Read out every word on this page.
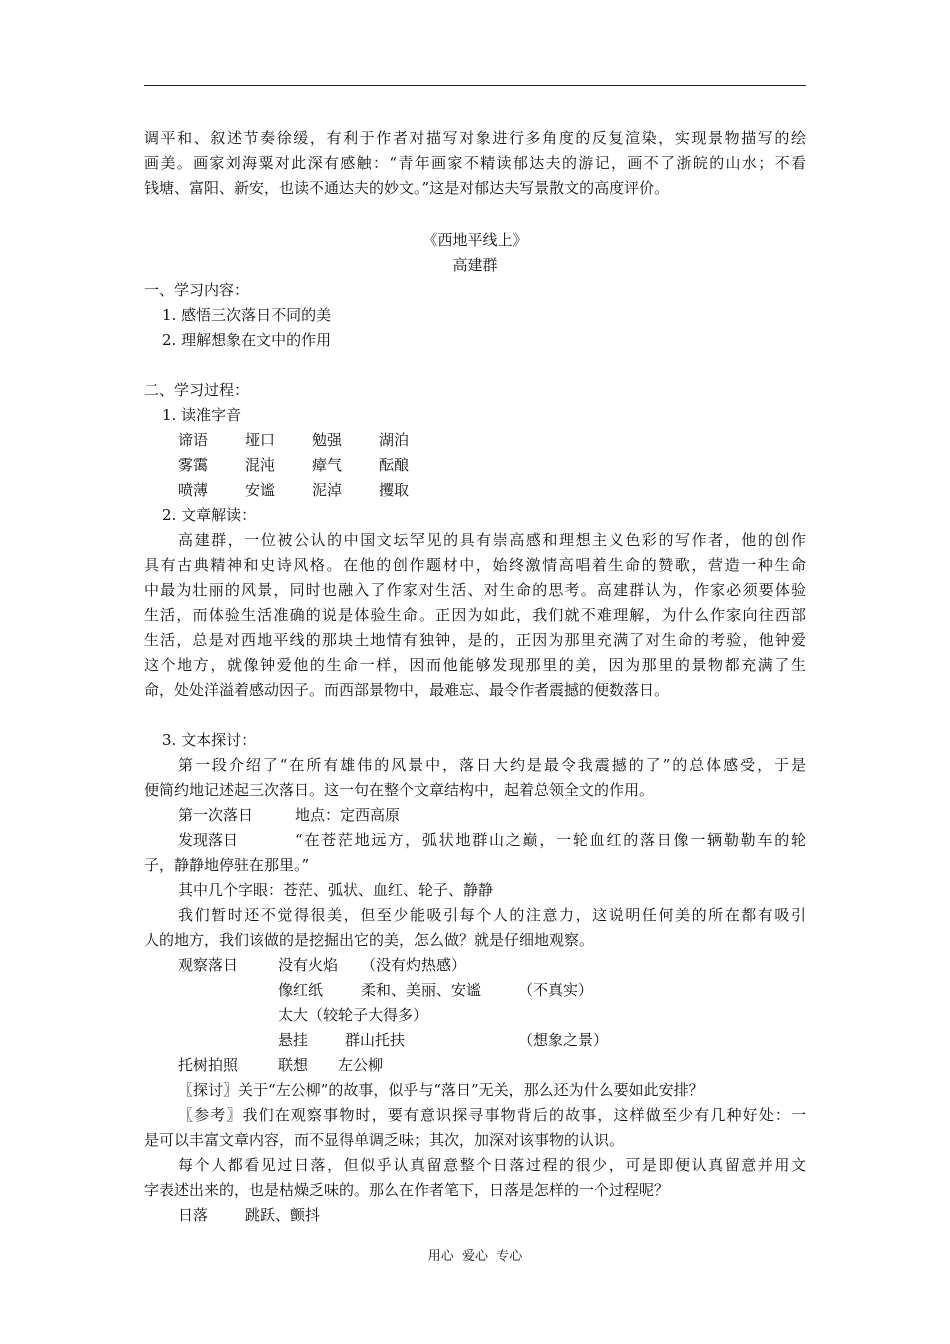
调平和、叙述节奏徐缓，有利于作者对描写对象进行多角度的反复渲染，实现景物描写的绘
画美。画家刘海粟对此深有感触：“青年画家不精读郁达夫的游记，画不了浙皖的山水；不看
钱塘、富阳、新安，也读不通达夫的妙文。”这是对郁达夫写景散文的高度评价。
《西地平线上》
高建群
一、学习内容：
1. 感悟三次落日不同的美
2. 理解想象在文中的作用
二、学习过程：
1. 读准字音
谛语 垭口 勉强 湖泊
雾霭 混沌 瘴气 酝酿
喷薄 安谧 泥淖 攫取
2. 文章解读：
高建群，一位被公认的中国文坛罕见的具有崇高感和理想主义色彩的写作者，他的创作
具有古典精神和史诗风格。在他的创作题材中，始终激情高唱着生命的赞歌，营造一种生命
中最为壮丽的风景，同时也融入了作家对生活、对生命的思考。高建群认为，作家必须要体验
生活，而体验生活准确的说是体验生命。正因为如此，我们就不难理解，为什么作家向往西部
生活，总是对西地平线的那块土地情有独钟，是的，正因为那里充满了对生命的考验，他钟爱
这个地方，就像钟爱他的生命一样，因而他能够发现那里的美，因为那里的景物都充满了生
命，处处洋溢着感动因子。而西部景物中，最难忘、最令作者震撼的便数落日。
3. 文本探讨：
第一段介绍了“在所有雄伟的风景中，落日大约是最令我震撼的了”的总体感受，于是
便简约地记述起三次落日。这一句在整个文章结构中，起着总领全文的作用。
第一次落日	地点：定西高原
发现落日	“在苍茫地远方，弧状地群山之巅，一轮血红的落日像一辆勒勒车的轮
子，静静地停驻在那里。”
其中几个字眼：苍茫、弧状、血红、轮子、静静
我们暂时还不觉得很美，但至少能吸引每个人的注意力，这说明任何美的所在都有吸引
人的地方，我们该做的是挖掘出它的美，怎么做？就是仔细地观察。
观察落日	没有火焰 （没有灼热感）
像红纸	柔和、美丽、安谧 （不真实）
太大（较轮子大得多）
悬挂 群山托扶	（想象之景）
托树拍照	联想 左公柳
〖探讨〗关于“左公柳”的故事，似乎与“落日”无关，那么还为什么要如此安排？
〖参考〗我们在观察事物时，要有意识探寻事物背后的故事，这样做至少有几种好处：一
是可以丰富文章内容，而不显得单调乏味；其次，加深对该事物的认识。
每个人都看见过日落，但似乎认真留意整个日落过程的很少，可是即便认真留意并用文
字表述出来的，也是枯燥乏味的。那么在作者笔下，日落是怎样的一个过程呢？
日落 跳跃、颤抖
用心  爱心  专心
